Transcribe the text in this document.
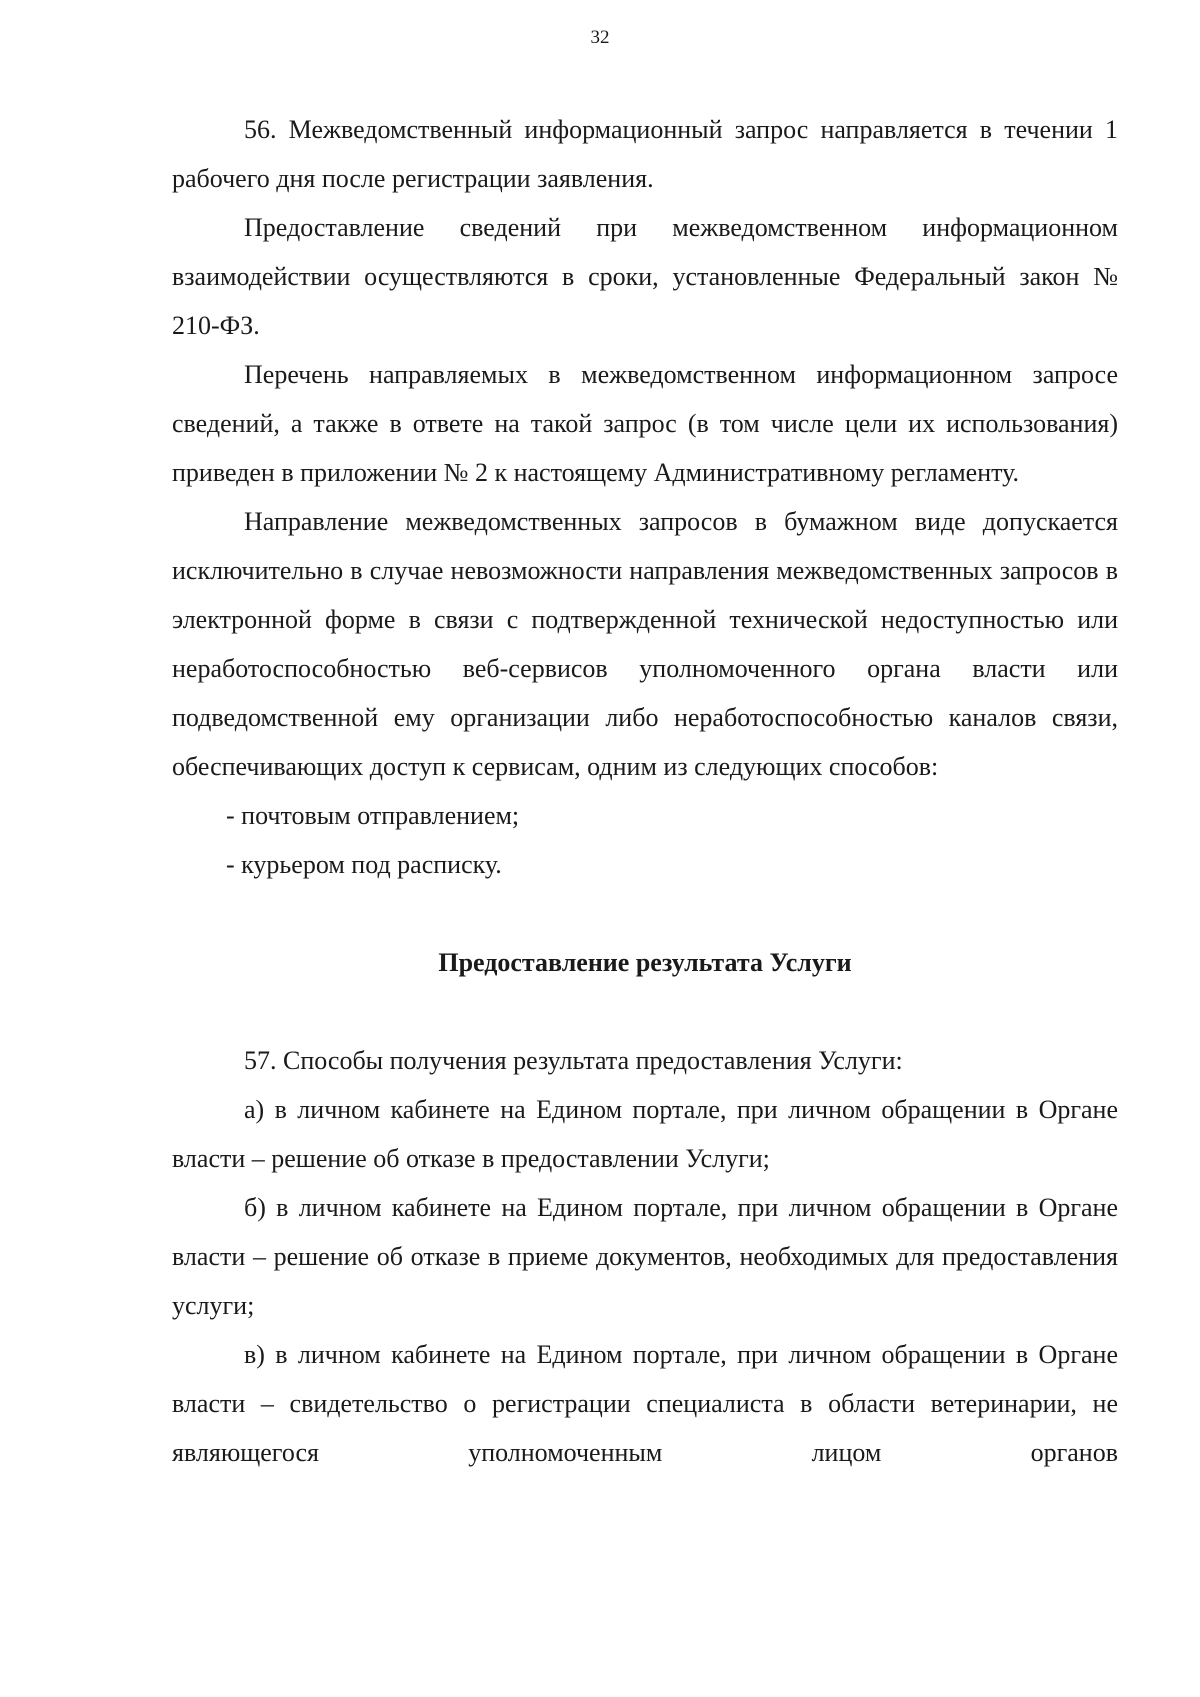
32

56. Межведомственный информационный запрос направляется в течении 1 рабочего дня после регистрации заявления.

Предоставление сведений при межведомственном информационном взаимодействии осуществляются в сроки, установленные Федеральный закон № 210-ФЗ.

Перечень направляемых в межведомственном информационном запросе сведений, а также в ответе на такой запрос (в том числе цели их использования) приведен в приложении № 2 к настоящему Административному регламенту.

Направление межведомственных запросов в бумажном виде допускается исключительно в случае невозможности направления межведомственных запросов в электронной форме в связи с подтвержденной технической недоступностью или неработоспособностью веб-сервисов уполномоченного органа власти или подведомственной ему организации либо неработоспособностью каналов связи, обеспечивающих доступ к сервисам, одним из следующих способов:

- почтовым отправлением;

- курьером под расписку.

Предоставление результата Услуги

57. Способы получения результата предоставления Услуги:

а) в личном кабинете на Едином портале, при личном обращении в Органе власти – решение об отказе в предоставлении Услуги;

б) в личном кабинете на Едином портале, при личном обращении в Органе власти – решение об отказе в приеме документов, необходимых для предоставления услуги;

в) в личном кабинете на Едином портале, при личном обращении в Органе власти – свидетельство о регистрации специалиста в области ветеринарии, не являющегося уполномоченным лицом органов
